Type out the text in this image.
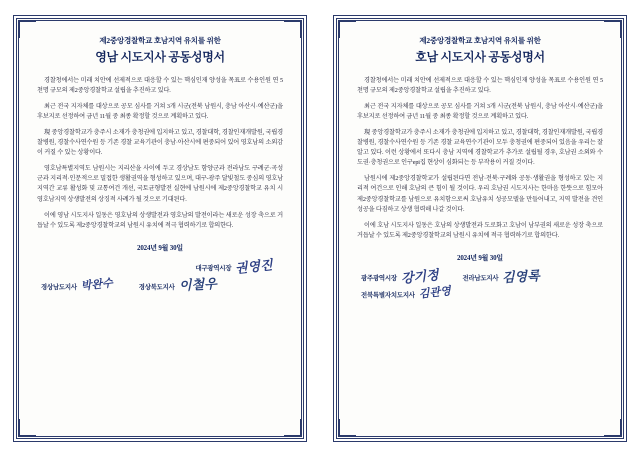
제2중앙경찰학교 호남지역 유치를 위한
영남 시도지사 공동성명서

경찰청에서는 미래 치안에 선제적으로 대응할 수 있는 핵심인재 양성을 목표로 수용인원 연 5천명 규모의 제2중앙경찰학교 설립을 추진하고 있다.

최근 전국 지자체를 대상으로 공모 심사를 거쳐 3개 시군(전북 남원시, 충남 아산시·예산군)을 후보지로 선정하여 금년 11월 중 최종 확정할 것으로 계획하고 있다.

現 중앙경찰학교가 충주시 소재가 충청권에 입지하고 있고, 경찰대학, 경찰인재개발원, 국립경찰병원, 경찰수사연수원 등 기존 경찰 교육기관이 충남·아산시에 편중되어 있어 영호남의 소외감이 커질 수 있는 상황이다.

영호남특별지역도 남원시는 지리산을 사이에 두고 경상남도 함양군과 전라남도 구례군·곡성군과 지리적·인문적으로 밀접한 생활권역을 형성하고 있으며, 대구-광주 달빛철도 중심의 영호남 지역간 교류 활성화 및 교통여건 개선, 국토균형발전 실현에 남원시에 제2중앙경찰학교 유치 시 영호남지역 상생발전의 상징적 사례가 될 것으로 기대된다.

이에 영남 시도지사 일동은 영호남의 상생발전과 영호남의 발전이라는 새로운 성장 축으로 거듭날 수 있도록 제2중앙경찰학교의 남원시 유치에 적극 협력하기로 합의한다.

2024년 9월 30일
대구광역시장 권영진
경상남도지사 박완수	경상북도지사 이철우
제2중앙경찰학교 호남지역 유치를 위한
호남 시도지사 공동성명서

경찰청에서는 미래 치안에 선제적으로 대응할 수 있는 핵심인재 양성을 목표로 수용인원 연 5천명 규모의 제2중앙경찰학교 설립을 추진하고 있다.

최근 전국 지자체를 대상으로 공모 심사를 거쳐 3개 시군(전북 남원시, 충남 아산시·예산군)을 후보지로 선정하여 금년 11월 중 최종 확정할 것으로 계획하고 있다.

現 중앙경찰학교가 충주시 소재가 충청권에 입지하고 있고, 경찰대학, 경찰인재개발원, 국립경찰병원, 경찰수사연수원 등 기존 경찰 교육연수기관이 모두 충청권에 편중되어 있음을 우리는 잘 알고 있다. 이런 상황에서 또다시 충남 지역에 경찰학교가 추가로 설립될 경우, 호남권 소외와 수도권·충청권으로 인구ері집 현상이 심화되는 등 부작용이 커질 것이다.

남원시에 제2중앙경찰학교가 설립된다면 전남·전북·구례와 공동·생활권을 형성하고 있는 지리적 여건으로 인해 호남의 큰 힘이 될 것이다. 우리 호남권 시도지사는 한마음 한뜻으로 힘모아 제2중앙경찰학교를 남원으로 유치함으로써 호남유치 성공모델을 만들어내고, 지역 발전을 견인 성공을 다짐하고 상생 협력해 나갈 것이다.

이에 호남 시도지사 일동은 호남의 상생발전과 도로화고 호남이 남부권의 새로운 성장 축으로 거듭날 수 있도록 제2중앙경찰학교의 남원시 유치에 적극 협력하기로 합의한다.

2024년 9월 30일
광주광역시장 강기정	전라남도지사 김영록
전북특별자치도지사 김관영
